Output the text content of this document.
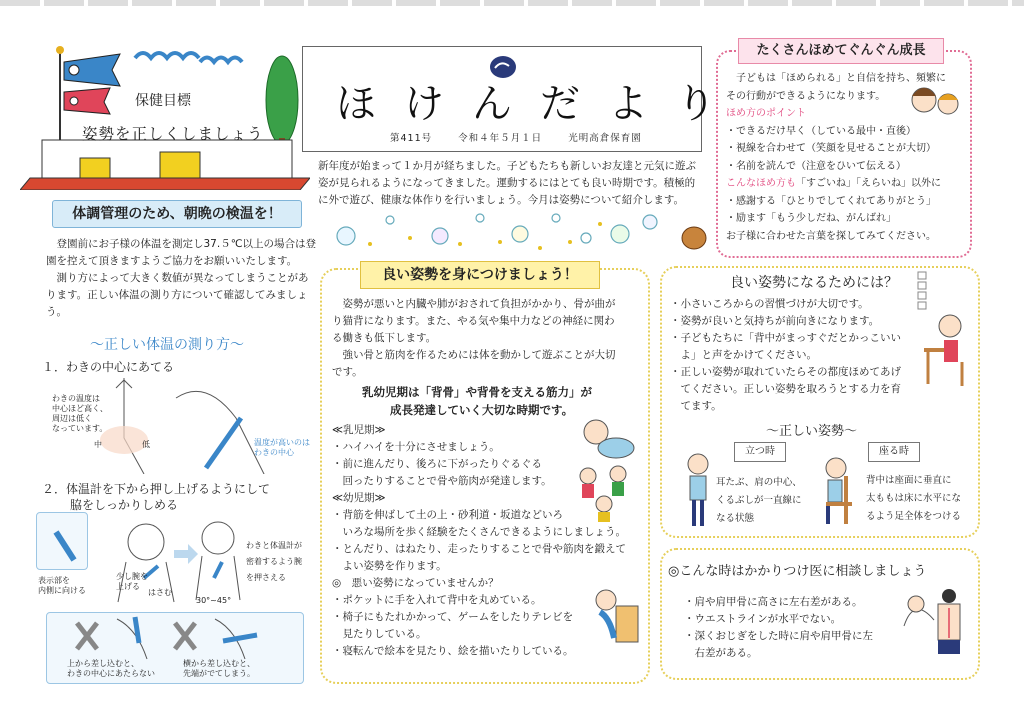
保健目標
姿勢を正しくしましょう
ほけんだより
第411号	令和４年５月１日	光明高倉保育園
新年度が始まって１か月が経ちました。子どもたちも新しいお友達と元気に遊ぶ
姿が見られるようになってきました。運動するにはとても良い時期です。積極的
に外で遊び、健康な体作りを行いましょう。今月は姿勢について紹介します。
体調管理のため、朝晩の検温を！
　登園前にお子様の体温を測定し37.５℃以上の場合は登
園を控えて頂きますようご協力をお願いいたします。
　測り方によって大きく数値が異なってしまうことがあ
ります。正しい体温の測り方について確認してみましょ
う。
～正しい体温の測り方～
１．わきの中心にあてる
わきの温度は
中心ほど高く、
周辺は低く
なっています。
中	低	温度が高いのは
わきの中心
２．体温計を下から押し上げるようにして
脇をしっかりしめる
表示部を
内側に向ける
少し腕を
上げる
はさむ
30°~45°
わきと体温計が
密着するよう腕
を押さえる
上から差し込むと、
わきの中心にあたらない
横から差し込むと、
先端がでてしまう。
良い姿勢を身につけましょう！
　姿勢が悪いと内臓や肺がおされて負担がかかり、骨が曲が
り猫背になります。また、やる気や集中力などの神経に関わ
る働きも低下します。
　強い骨と筋肉を作るためには体を動かして遊ぶことが大切
です。
乳幼児期は「背骨」や背骨を支える筋力」が
成長発達していく大切な時期です。
≪乳児期≫
・ハイハイを十分にさせましょう。
・前に進んだり、後ろに下がったりぐるぐる
　回ったりすることで骨や筋肉が発達します。
≪幼児期≫
・背筋を伸ばして土の上・砂利道・坂道などいろ
　いろな場所を歩く経験をたくさんできるようにしましょう。
・とんだり、はねたり、走ったりすることで骨や筋肉を鍛えて
　よい姿勢を作ります。
◎　悪い姿勢になっていませんか？
・ポケットに手を入れて背中を丸めている。
・椅子にもたれかかって、ゲームをしたりテレビを
　見たりしている。
・寝転んで絵本を見たり、絵を描いたりしている。
たくさんほめてぐんぐん成長
　子どもは「ほめられる」と自信を持ち、頻繁に
その行動ができるようになります。
ほめ方のポイント
・できるだけ早く（している最中・直後）
・視線を合わせて（笑顔を見せることが大切）
・名前を読んで（注意をひいて伝える）
こんなほめ方も「すごいね」「えらいね」以外に
・感謝する「ひとりでしてくれてありがとう」
・励ます「もう少しだね、がんばれ」
お子様に合わせた言葉を探してみてください。
良い姿勢になるためには？
・小さいころからの習慣づけが大切です。
・姿勢が良いと気持ちが前向きになります。
・子どもたちに「背中がまっすぐだとかっこいい
　よ」と声をかけてください。
・正しい姿勢が取れていたらその都度ほめてあげ
　てください。正しい姿勢を取ろうとする力を育
　てます。
～正しい姿勢～
立つ時	座る時
耳たぶ、肩の中心、
くるぶしが一直線に
なる状態
背中は座面に垂直に
太ももは床に水平にな
るよう足全体をつける
◎こんな時はかかりつけ医に相談しましょう
・肩や肩甲骨に高さに左右差がある。
・ウエストラインが水平でない。
・深くおじぎをした時に肩や肩甲骨に左
　右差がある。
